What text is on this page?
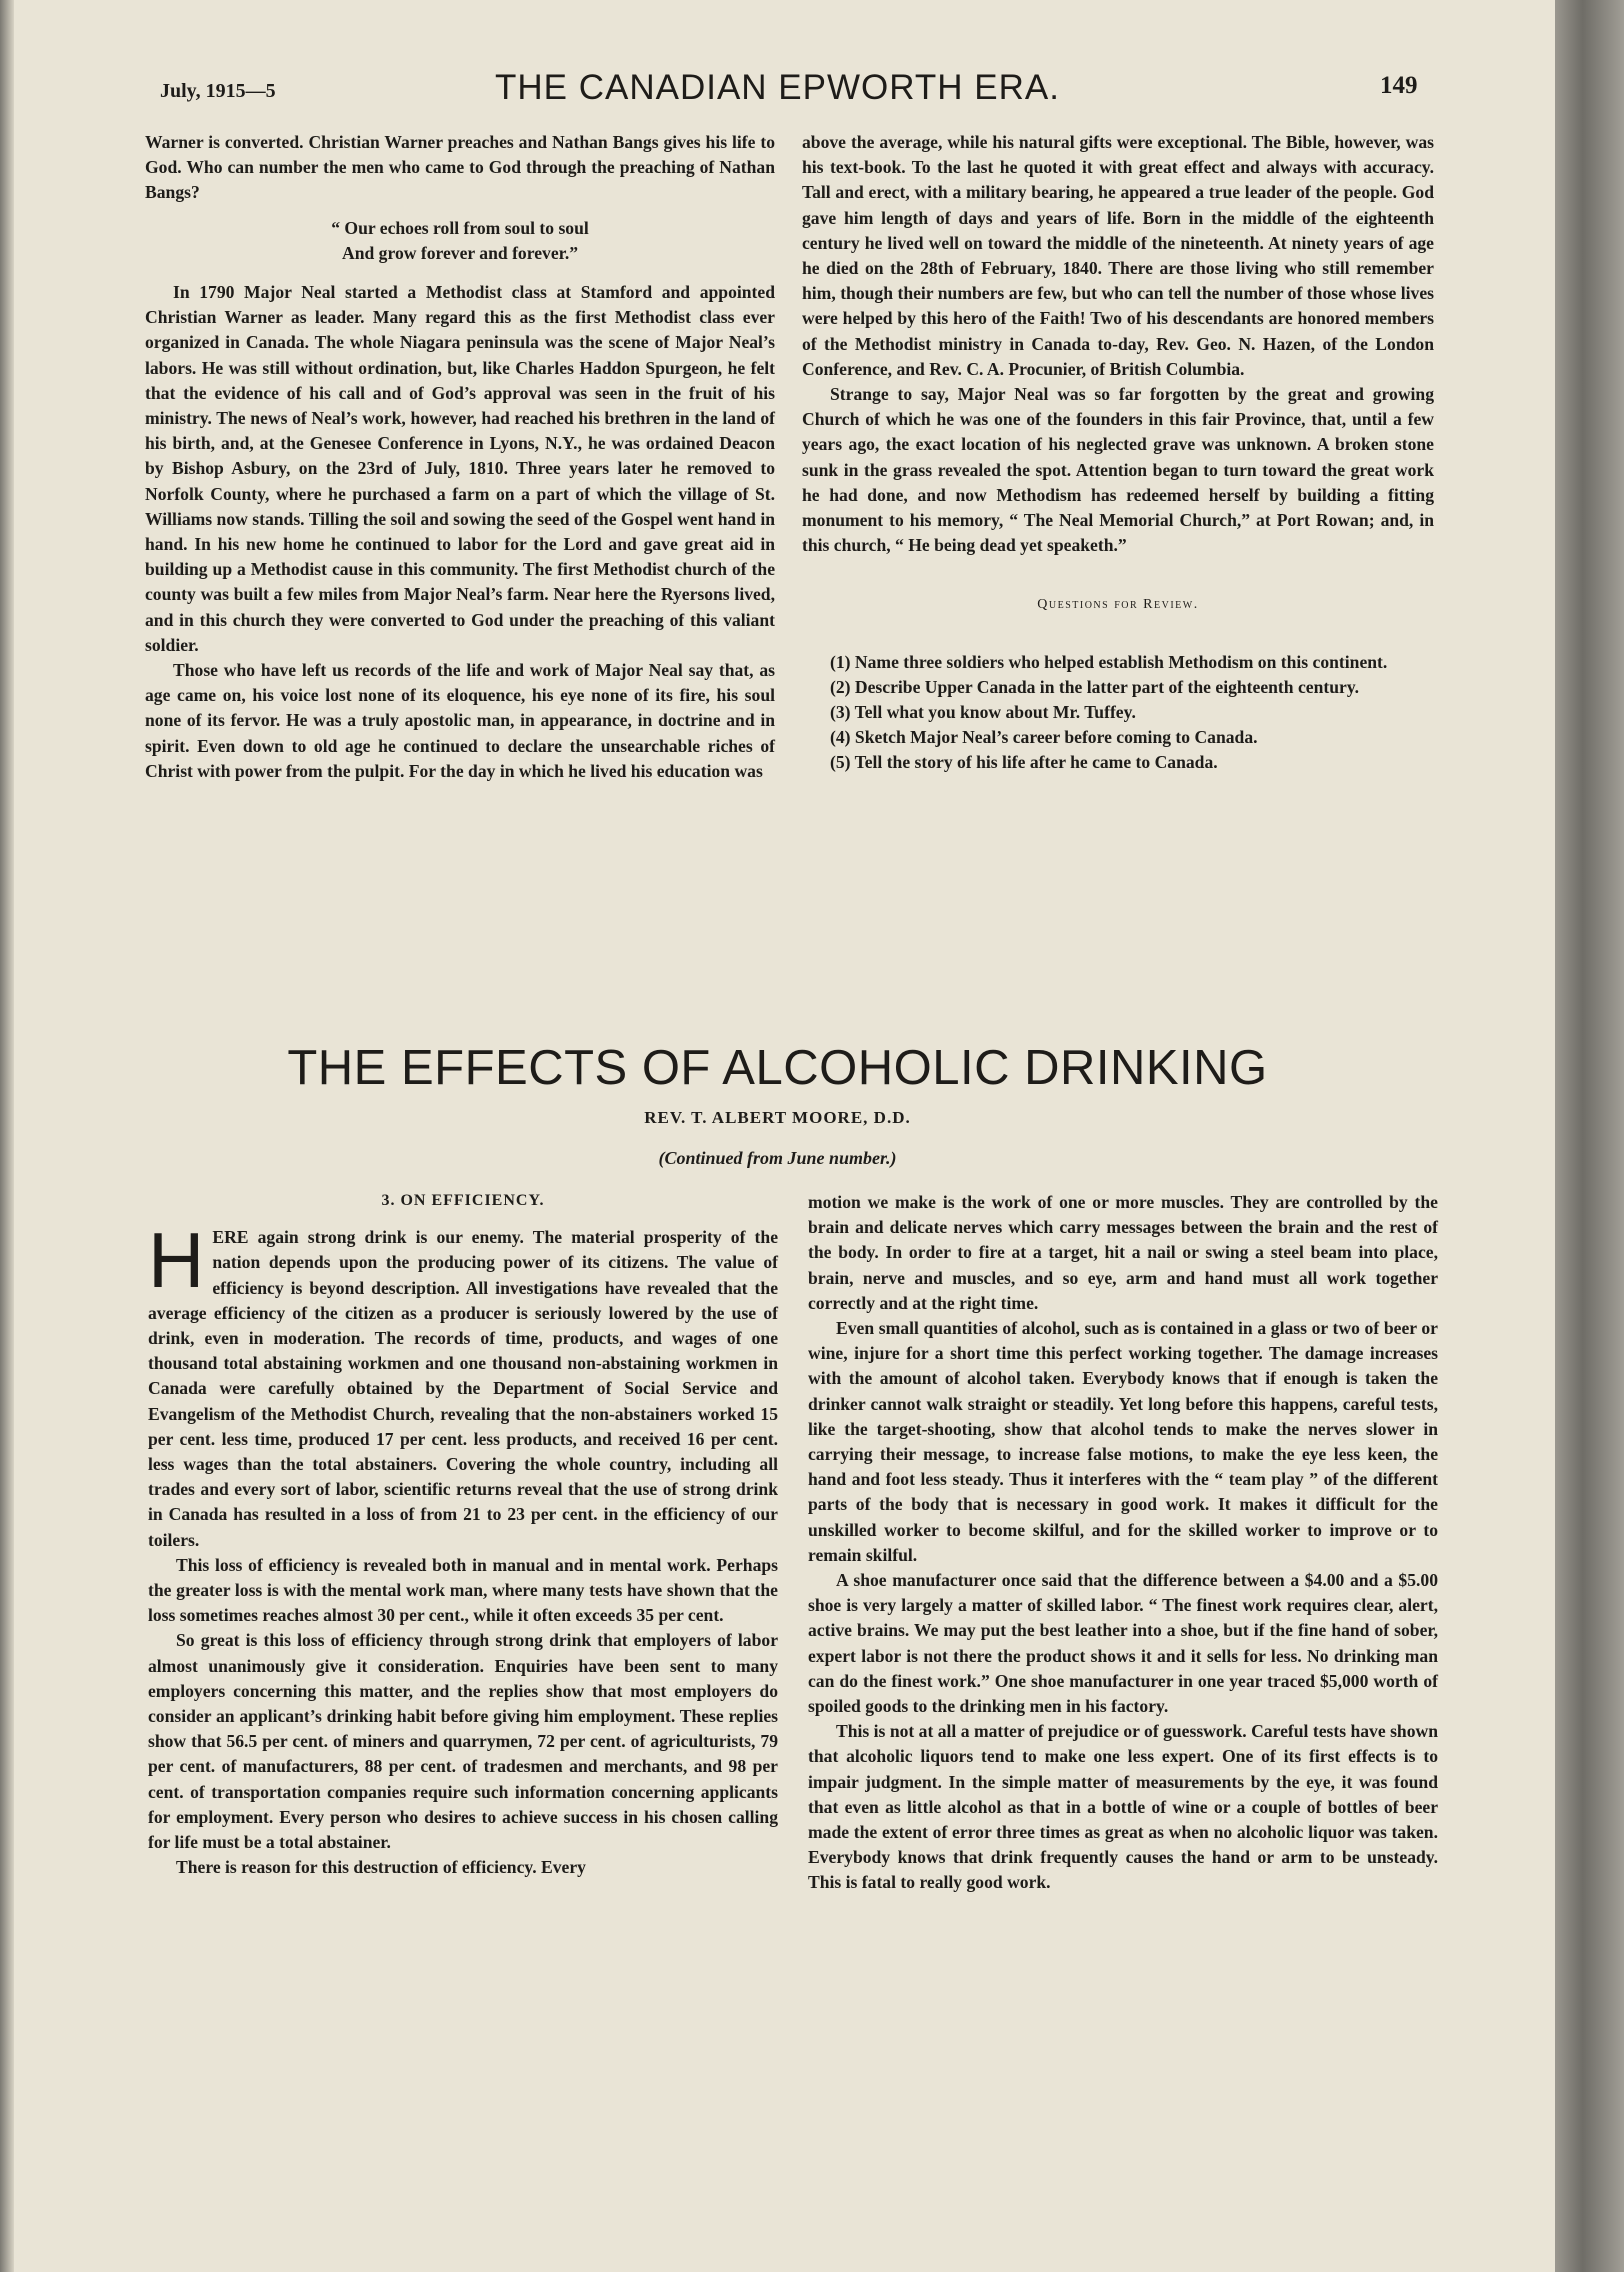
July, 1915—5	THE CANADIAN EPWORTH ERA.	149

Warner is converted. Christian Warner preaches and Nathan Bangs gives his life to God. Who can number the men who came to God through the preaching of Nathan Bangs?

“ Our echoes roll from soul to soul
And grow forever and forever.”

In 1790 Major Neal started a Methodist class at Stamford and appointed Christian Warner as leader. Many regard this as the first Methodist class ever organized in Canada. The whole Niagara peninsula was the scene of Major Neal’s labors. He was still without ordination, but, like Charles Haddon Spurgeon, he felt that the evidence of his call and of God’s approval was seen in the fruit of his ministry. The news of Neal’s work, however, had reached his brethren in the land of his birth, and, at the Genesee Conference in Lyons, N.Y., he was ordained Deacon by Bishop Asbury, on the 23rd of July, 1810. Three years later he removed to Norfolk County, where he purchased a farm on a part of which the village of St. Williams now stands. Tilling the soil and sowing the seed of the Gospel went hand in hand. In his new home he continued to labor for the Lord and gave great aid in building up a Methodist cause in this community. The first Methodist church of the county was built a few miles from Major Neal’s farm. Near here the Ryersons lived, and in this church they were converted to God under the preaching of this valiant soldier.

Those who have left us records of the life and work of Major Neal say that, as age came on, his voice lost none of its eloquence, his eye none of its fire, his soul none of its fervor. He was a truly apostolic man, in appearance, in doctrine and in spirit. Even down to old age he continued to declare the unsearchable riches of Christ with power from the pulpit. For the day in which he lived his education was

above the average, while his natural gifts were exceptional. The Bible, however, was his text-book. To the last he quoted it with great effect and always with accuracy. Tall and erect, with a military bearing, he appeared a true leader of the people. God gave him length of days and years of life. Born in the middle of the eighteenth century he lived well on toward the middle of the nineteenth. At ninety years of age he died on the 28th of February, 1840. There are those living who still remember him, though their numbers are few, but who can tell the number of those whose lives were helped by this hero of the Faith! Two of his descendants are honored members of the Methodist ministry in Canada to-day, Rev. Geo. N. Hazen, of the London Conference, and Rev. C. A. Procunier, of British Columbia.

Strange to say, Major Neal was so far forgotten by the great and growing Church of which he was one of the founders in this fair Province, that, until a few years ago, the exact location of his neglected grave was unknown. A broken stone sunk in the grass revealed the spot. Attention began to turn toward the great work he had done, and now Methodism has redeemed herself by building a fitting monument to his memory, “ The Neal Memorial Church,” at Port Rowan; and, in this church, “ He being dead yet speaketh.”

Questions for Review.

(1) Name three soldiers who helped establish Methodism on this continent.

(2) Describe Upper Canada in the latter part of the eighteenth century.

(3) Tell what you know about Mr. Tuffey.

(4) Sketch Major Neal’s career before coming to Canada.

(5) Tell the story of his life after he came to Canada.

THE EFFECTS OF ALCOHOLIC DRINKING
REV. T. ALBERT MOORE, D.D.
(Continued from June number.)
3. ON EFFICIENCY.

HERE again strong drink is our enemy. The material prosperity of the nation depends upon the producing power of its citizens. The value of efficiency is beyond description. All investigations have revealed that the average efficiency of the citizen as a producer is seriously lowered by the use of drink, even in moderation. The records of time, products, and wages of one thousand total abstaining workmen and one thousand non-abstaining workmen in Canada were carefully obtained by the Department of Social Service and Evangelism of the Methodist Church, revealing that the non-abstainers worked 15 per cent. less time, produced 17 per cent. less products, and received 16 per cent. less wages than the total abstainers. Covering the whole country, including all trades and every sort of labor, scientific returns reveal that the use of strong drink in Canada has resulted in a loss of from 21 to 23 per cent. in the efficiency of our toilers.

This loss of efficiency is revealed both in manual and in mental work. Perhaps the greater loss is with the mental work man, where many tests have shown that the loss sometimes reaches almost 30 per cent., while it often exceeds 35 per cent.

So great is this loss of efficiency through strong drink that employers of labor almost unanimously give it consideration. Enquiries have been sent to many employers concerning this matter, and the replies show that most employers do consider an applicant’s drinking habit before giving him employment. These replies show that 56.5 per cent. of miners and quarrymen, 72 per cent. of agriculturists, 79 per cent. of manufacturers, 88 per cent. of tradesmen and merchants, and 98 per cent. of transportation companies require such information concerning applicants for employment. Every person who desires to achieve success in his chosen calling for life must be a total abstainer.

There is reason for this destruction of efficiency. Every

motion we make is the work of one or more muscles. They are controlled by the brain and delicate nerves which carry messages between the brain and the rest of the body. In order to fire at a target, hit a nail or swing a steel beam into place, brain, nerve and muscles, and so eye, arm and hand must all work together correctly and at the right time.

Even small quantities of alcohol, such as is contained in a glass or two of beer or wine, injure for a short time this perfect working together. The damage increases with the amount of alcohol taken. Everybody knows that if enough is taken the drinker cannot walk straight or steadily. Yet long before this happens, careful tests, like the target-shooting, show that alcohol tends to make the nerves slower in carrying their message, to increase false motions, to make the eye less keen, the hand and foot less steady. Thus it interferes with the “ team play ” of the different parts of the body that is necessary in good work. It makes it difficult for the unskilled worker to become skilful, and for the skilled worker to improve or to remain skilful.

A shoe manufacturer once said that the difference between a $4.00 and a $5.00 shoe is very largely a matter of skilled labor. “ The finest work requires clear, alert, active brains. We may put the best leather into a shoe, but if the fine hand of sober, expert labor is not there the product shows it and it sells for less. No drinking man can do the finest work.” One shoe manufacturer in one year traced $5,000 worth of spoiled goods to the drinking men in his factory.

This is not at all a matter of prejudice or of guesswork. Careful tests have shown that alcoholic liquors tend to make one less expert. One of its first effects is to impair judgment. In the simple matter of measurements by the eye, it was found that even as little alcohol as that in a bottle of wine or a couple of bottles of beer made the extent of error three times as great as when no alcoholic liquor was taken. Everybody knows that drink frequently causes the hand or arm to be unsteady. This is fatal to really good work.
